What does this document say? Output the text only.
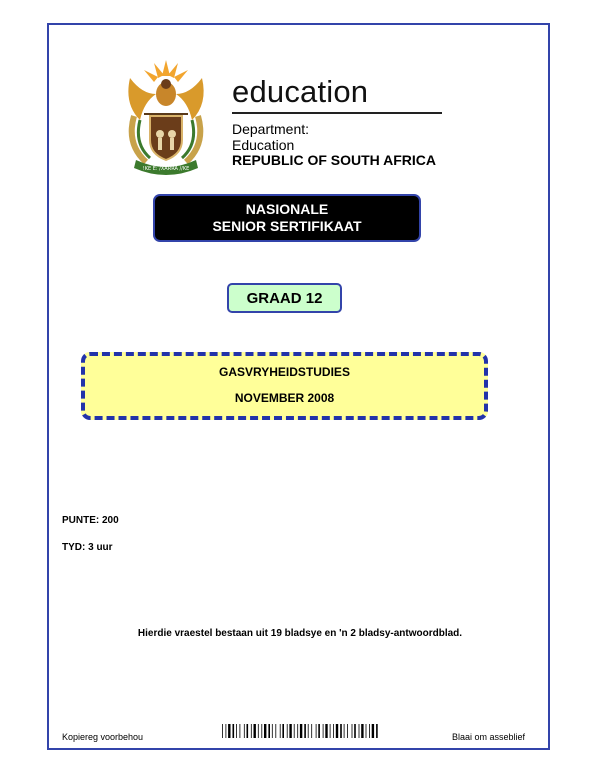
!KE E: /XARRA //KE
education
Department:
Education
REPUBLIC OF SOUTH AFRICA
NASIONALE
SENIOR SERTIFIKAAT
GRAAD 12
GASVRYHEIDSTUDIES
NOVEMBER 2008
PUNTE: 200
TYD: 3 uur
Hierdie vraestel bestaan uit 19 bladsye en 'n 2 bladsy-antwoordblad.
Kopiereg voorbehou	Blaai om asseblief
